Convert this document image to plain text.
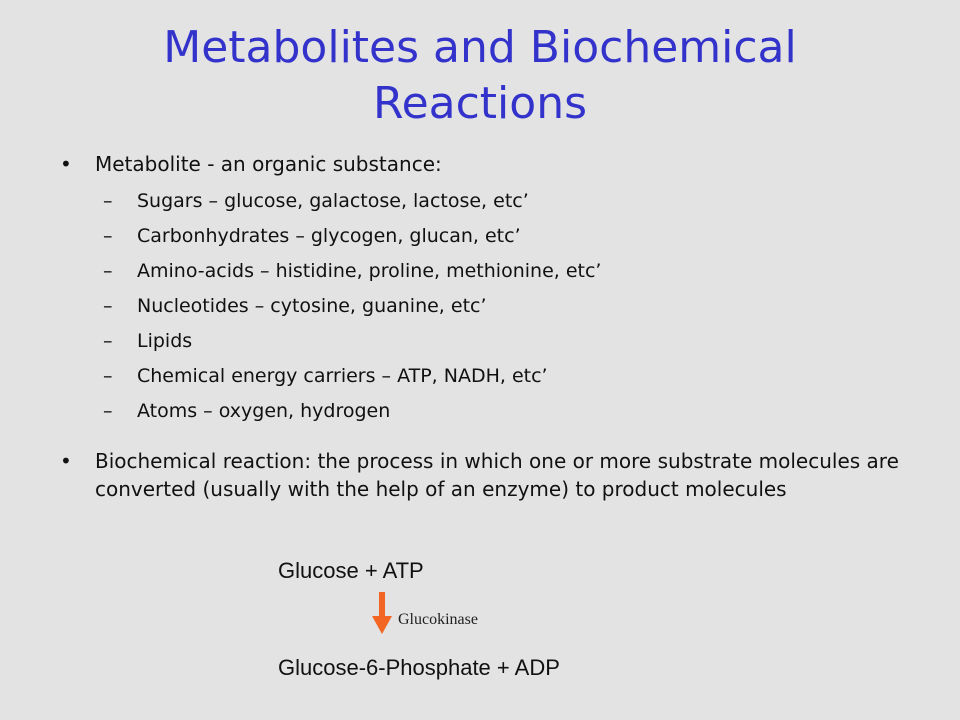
Metabolites and Biochemical
Reactions
• Metabolite - an organic substance:
– Sugars – glucose, galactose, lactose, etc’
– Carbonhydrates – glycogen, glucan, etc’
– Amino-acids – histidine, proline, methionine, etc’
– Nucleotides – cytosine, guanine, etc’
– Lipids
– Chemical energy carriers – ATP, NADH, etc’
– Atoms – oxygen, hydrogen
• Biochemical reaction: the process in which one or more substrate molecules are converted (usually with the help of an enzyme) to product molecules
Glucose + ATP
Glucokinase
Glucose-6-Phosphate + ADP
